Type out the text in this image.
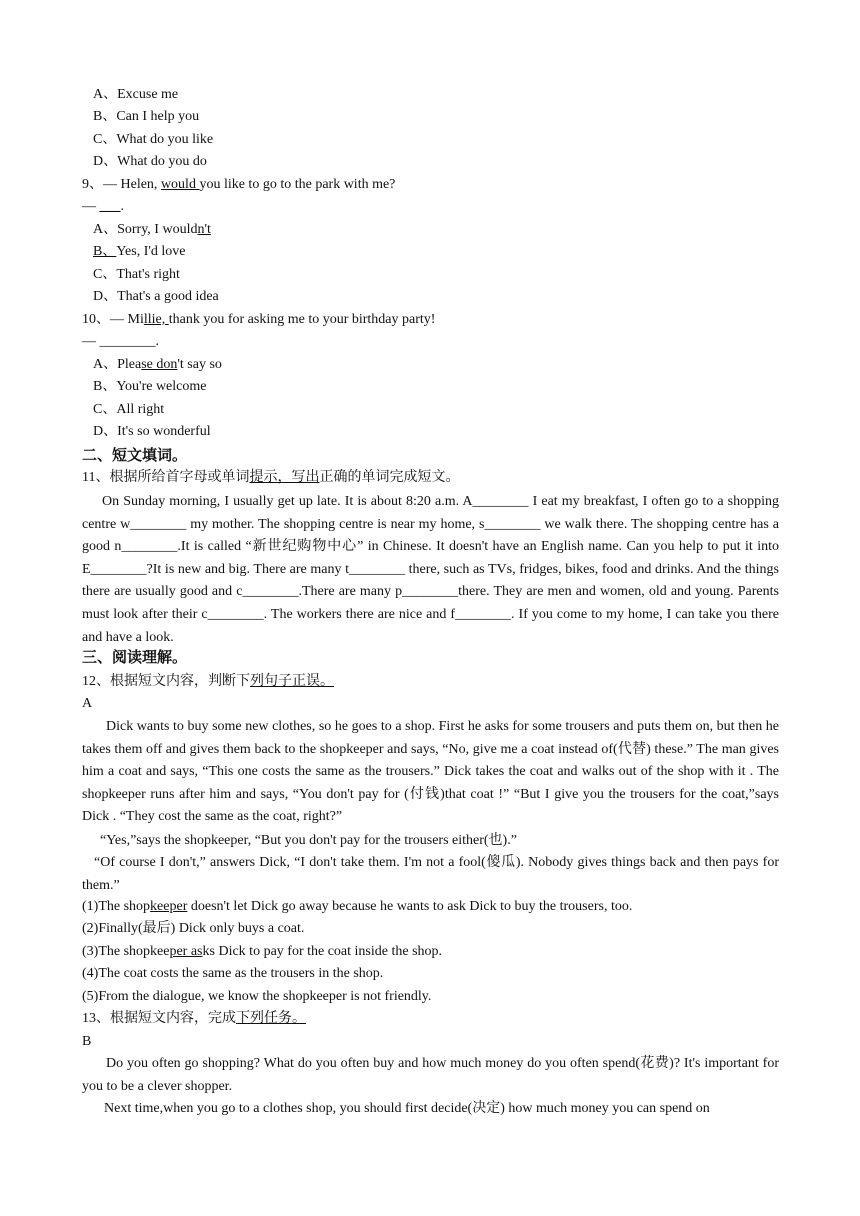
A、Excuse me
B、Can I help you
C、What do you like
D、What do you do
9、— Helen, would you like to go to the park with me?
— ___.
A、Sorry, I wouldn't
B、Yes, I'd love
C、That's right
D、That's a good idea
10、— Millie, thank you for asking me to your birthday party!
— ________.
A、Please don't say so
B、You're welcome
C、All right
D、It's so wonderful
二、短文填词。
11、根据所给首字母或单词提示，写出正确的单词完成短文。
On Sunday morning, I usually get up late. It is about 8:20 a.m. A________ I eat my breakfast, I often go to a shopping centre w________ my mother. The shopping centre is near my home, s________ we walk there. The shopping centre has a good n________.It is called “新世纪购物中心” in Chinese. It doesn't have an English name. Can you help to put it into E________?It is new and big. There are many t________ there, such as TVs, fridges, bikes, food and drinks. And the things there are usually good and c________.There are many p________there. They are men and women, old and young. Parents must look after their c________. The workers there are nice and f________. If you come to my home, I can take you there and have a look.
三、阅读理解。
12、根据短文内容，判断下列句子正误。
A
Dick wants to buy some new clothes, so he goes to a shop. First he asks for some trousers and puts them on, but then he takes them off and gives them back to the shopkeeper and says, “No, give me a coat instead of(代替) these.” The man gives him a coat and says, “This one costs the same as the trousers.” Dick takes the coat and walks out of the shop with it . The shopkeeper runs after him and says, “You don't pay for (付钱)that coat !” “But I give you the trousers for the coat,”says Dick . “They cost the same as the coat, right?”
“Yes,”says the shopkeeper, “But you don't pay for the trousers either(也).”
“Of course I don't,” answers Dick, “I don't take them. I'm not a fool(傻瓜). Nobody gives things back and then pays for them.”
(1)The shopkeeper doesn't let Dick go away because he wants to ask Dick to buy the trousers, too.
(2)Finally(最后) Dick only buys a coat.
(3)The shopkeeper asks Dick to pay for the coat inside the shop.
(4)The coat costs the same as the trousers in the shop.
(5)From the dialogue, we know the shopkeeper is not friendly.
13、根据短文内容，完成下列任务。
B
Do you often go shopping? What do you often buy and how much money do you often spend(花费)? It's important for you to be a clever shopper.
Next time,when you go to a clothes shop, you should first decide(决定) how much money you can spend on
